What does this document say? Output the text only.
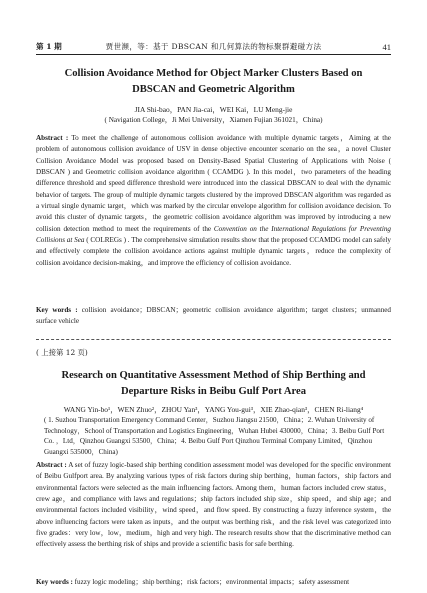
第 1 期	贾世濒，等：基于 DBSCAN 和几何算法的物标聚群避碰方法	41
Collision Avoidance Method for Object Marker Clusters Based on
DBSCAN and Geometric Algorithm
JIA Shi-bao，PAN Jia-cai，WEI Kai，LU Meng-jie
( Navigation College，Ji Mei University，Xiamen Fujian 361021，China)
Abstract : To meet the challenge of autonomous collision avoidance with multiple dynamic targets，Aiming at the problem of autonomous collision avoidance of USV in dense objective encounter scenario on the sea，a novel Cluster Collision Avoidance Model was proposed based on Density-Based Spatial Clustering of Applications with Noise ( DBSCAN ) and Geometric collision avoidance algorithm ( CCAMDG ). In this model，two parameters of the heading difference threshold and speed difference threshold were introduced into the classical DBSCAN to deal with the dynamic behavior of targets. The group of multiple dynamic targets clustered by the improved DBSCAN algorithm was regarded as a virtual single dynamic target，which was marked by the circular envelope algorithm for collision avoidance decision. To avoid this cluster of dynamic targets，the geometric collision avoidance algorithm was improved by introducing a new collision detection method to meet the requirements of the Convention on the International Regulations for Preventing Collisions at Sea ( COLREGs ) . The comprehensive simulation results show that the proposed CCAMDG model can safely and effectively complete the collision avoidance actions against multiple dynamic targets，reduce the complexity of collision avoidance decision-making，and improve the efficiency of collision avoidance.
Key words : collision avoidance；DBSCAN；geometric collision avoidance algorithm；target clusters；unmanned surface vehicle
( 上接第 12 页)
Research on Quantitative Assessment Method of Ship Berthing and
Departure Risks in Beibu Gulf Port Area
WANG Yin-bo¹，WEN Zhuo²，ZHOU Yan³，YANG You-gui³，XIE Zhao-qian³，CHEN Ri-liang⁴
( 1. Suzhou Transportation Emergency Command Center，Suzhou Jiangsu 21500，China；2. Wuhan University of Technology，School of Transportation and Logistics Engineering，Wuhan Hubei 430000，China；3. Beibu Gulf Port Co. ，Ltd，Qinzhou Guangxi 53500，China；4. Beibu Gulf Port Qinzhou Terminal Company Limited，Qinzhou Guangxi 535000，China)
Abstract : A set of fuzzy logic-based ship berthing condition assessment model was developed for the specific environment of Beibu Gulfport area. By analyzing various types of risk factors during ship berthing，human factors，ship factors and environmental factors were selected as the main influencing factors. Among them，human factors included crew status，crew age，and compliance with laws and regulations；ship factors included ship size，ship speed，and ship age；and environmental factors included visibility，wind speed，and flow speed. By constructing a fuzzy inference system，the above influencing factors were taken as inputs，and the output was berthing risk，and the risk level was categorized into five grades：very low，low，medium，high and very high. The research results show that the discriminative method can effectively assess the berthing risk of ships and provide a scientific basis for safe berthing.
Key words : fuzzy logic modeling；ship berthing；risk factors；environmental impacts；safety assessment
